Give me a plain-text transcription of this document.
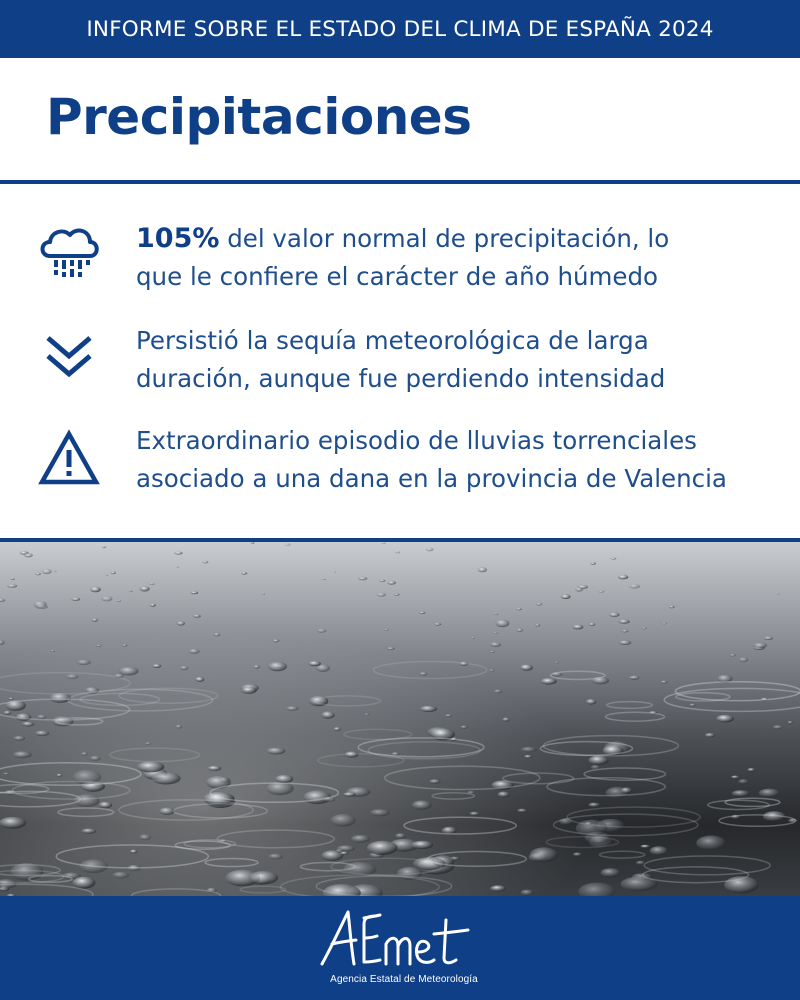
INFORME SOBRE EL ESTADO DEL CLIMA DE ESPAÑA 2024
Precipitaciones
105% del valor normal de precipitación, lo
que le confiere el carácter de año húmedo
Persistió la sequía meteorológica de larga
duración, aunque fue perdiendo intensidad
Extraordinario episodio de lluvias torrenciales
asociado a una dana en la provincia de Valencia
Agencia Estatal de Meteorología
